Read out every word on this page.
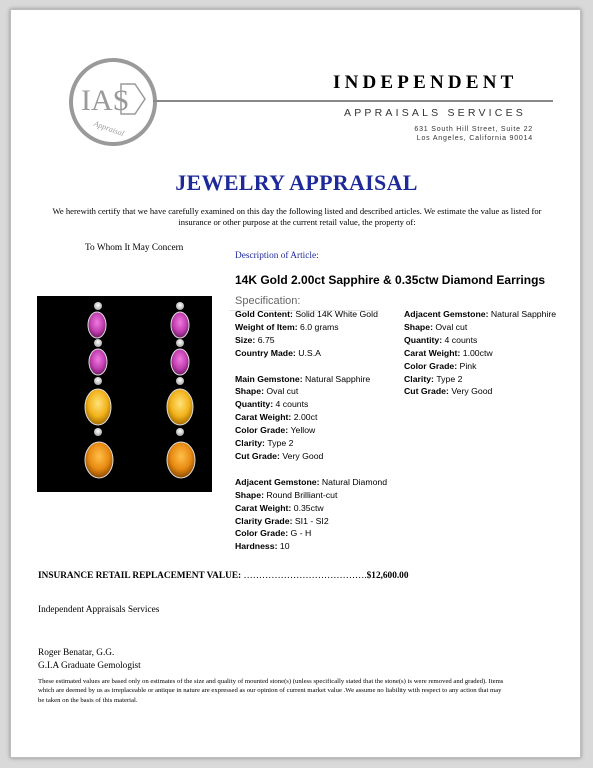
IAS
Appraisal
INDEPENDENT
APPRAISALS SERVICES
631 South Hill Street, Suite 22
Los Angeles, California 90014
JEWELRY APPRAISAL
We herewith certify that we have carefully examined on this day the following listed and described articles. We estimate the value as listed for insurance or other purpose at the current retail value, the property of:
To Whom It May Concern
Description of Article:
14K Gold 2.00ct Sapphire & 0.35ctw Diamond Earrings
Specification:
Gold Content: Solid 14K White Gold
Weight of Item: 6.0 grams
Size: 6.75
Country Made: U.S.A

Main Gemstone: Natural Sapphire
Shape: Oval cut
Quantity: 4 counts
Carat Weight: 2.00ct
Color Grade: Yellow
Clarity: Type 2
Cut Grade: Very Good

Adjacent Gemstone: Natural Diamond
Shape: Round Brilliant-cut
Carat Weight: 0.35ctw
Clarity Grade: SI1 - SI2
Color Grade: G - H
Hardness: 10
Adjacent Gemstone: Natural Sapphire
Shape: Oval cut
Quantity: 4 counts
Carat Weight: 1.00ctw
Color Grade: Pink
Clarity: Type 2
Cut Grade: Very Good
INSURANCE RETAIL REPLACEMENT VALUE: ………………………………….$12,600.00
Independent Appraisals Services
Roger Benatar, G.G.
G.I.A Graduate Gemologist
These estimated values are based only on estimates of the size and quality of mounted stone(s) (unless specifically stated that the stone(s) is were removed and graded). Items which are deemed by us as irreplaceable or antique in nature are expressed as our opinion of current market value .We assume no liability with respect to any action that may be taken on the basis of this material.
